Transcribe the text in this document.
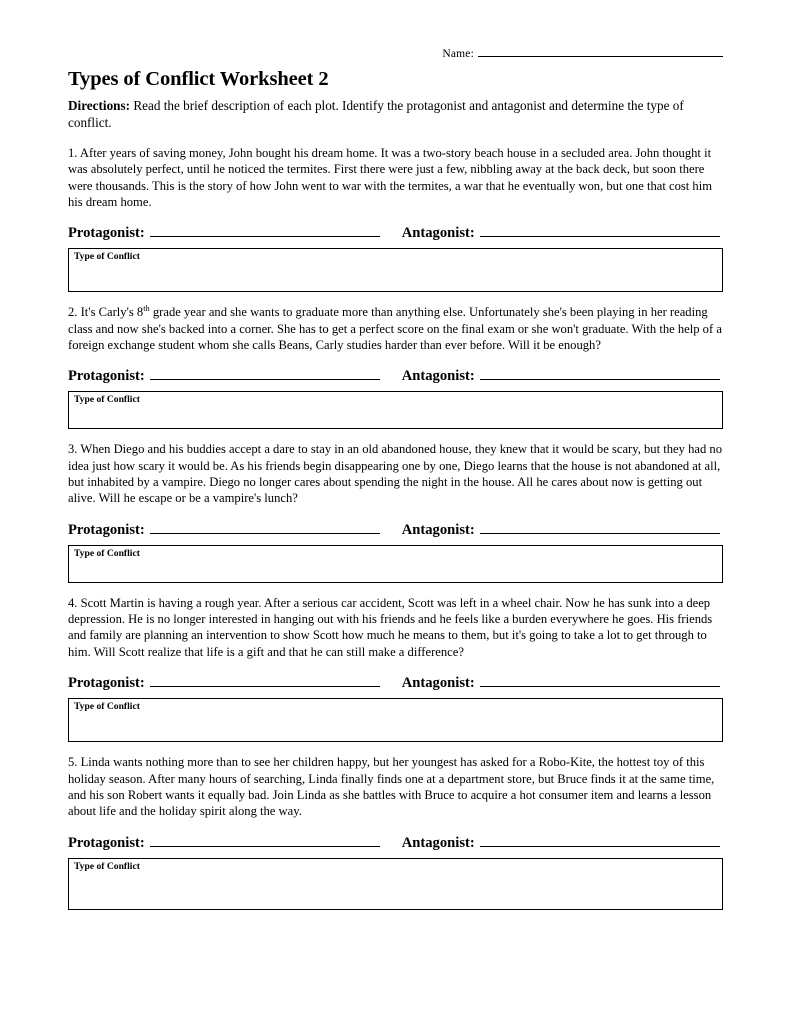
Name:
Types of Conflict Worksheet 2

Directions: Read the brief description of each plot. Identify the protagonist and antagonist and determine the type of conflict.

1. After years of saving money, John bought his dream home. It was a two-story beach house in a secluded area. John thought it was absolutely perfect, until he noticed the termites. First there were just a few, nibbling away at the back deck, but soon there were thousands. This is the story of how John went to war with the termites, a war that he eventually won, but one that cost him his dream home.

Protagonist:	Antagonist:
Type of Conflict

2. It's Carly's 8th grade year and she wants to graduate more than anything else. Unfortunately she's been playing in her reading class and now she's backed into a corner. She has to get a perfect score on the final exam or she won't graduate. With the help of a foreign exchange student whom she calls Beans, Carly studies harder than ever before. Will it be enough?

Protagonist:	Antagonist:
Type of Conflict

3. When Diego and his buddies accept a dare to stay in an old abandoned house, they knew that it would be scary, but they had no idea just how scary it would be. As his friends begin disappearing one by one, Diego learns that the house is not abandoned at all, but inhabited by a vampire. Diego no longer cares about spending the night in the house. All he cares about now is getting out alive. Will he escape or be a vampire's lunch?

Protagonist:	Antagonist:
Type of Conflict

4. Scott Martin is having a rough year. After a serious car accident, Scott was left in a wheel chair. Now he has sunk into a deep depression. He is no longer interested in hanging out with his friends and he feels like a burden everywhere he goes. His friends and family are planning an intervention to show Scott how much he means to them, but it's going to take a lot to get through to him. Will Scott realize that life is a gift and that he can still make a difference?

Protagonist:	Antagonist:
Type of Conflict

5. Linda wants nothing more than to see her children happy, but her youngest has asked for a Robo-Kite, the hottest toy of this holiday season. After many hours of searching, Linda finally finds one at a department store, but Bruce finds it at the same time, and his son Robert wants it equally bad. Join Linda as she battles with Bruce to acquire a hot consumer item and learns a lesson about life and the holiday spirit along the way.

Protagonist:	Antagonist:
Type of Conflict
